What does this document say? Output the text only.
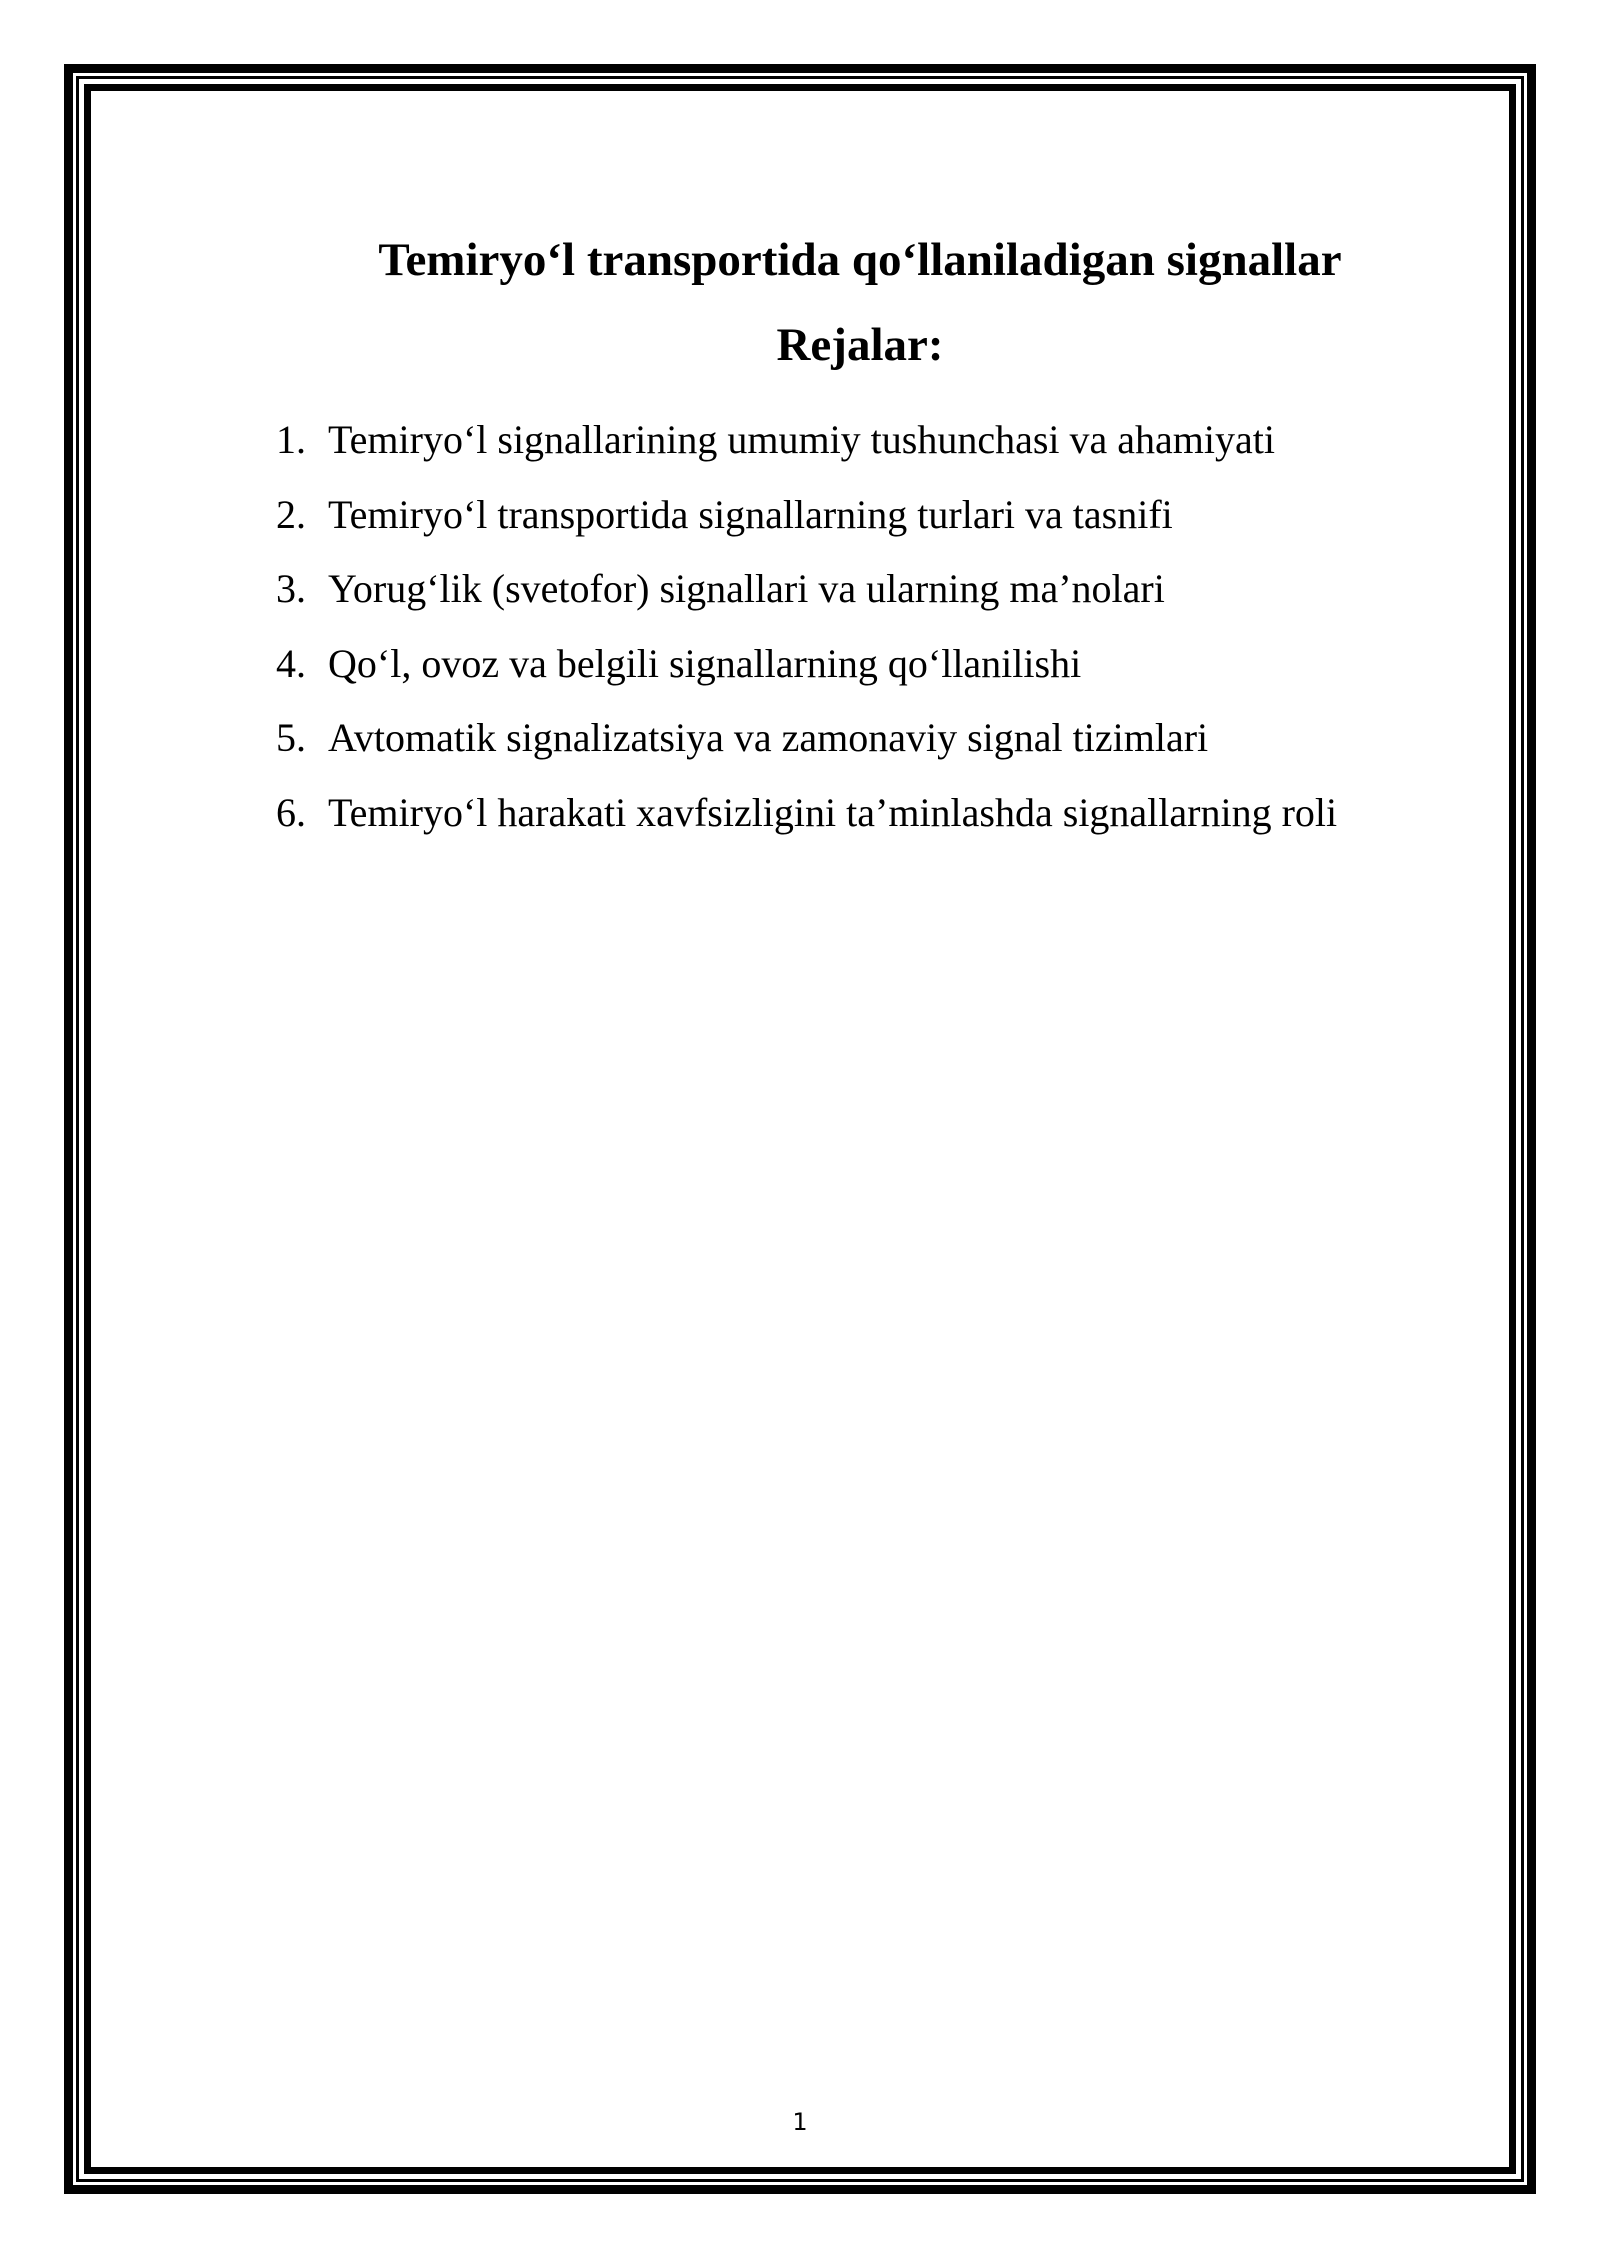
Temiryo‘l transportida qo‘llaniladigan signallar
Rejalar:
1. Temiryo‘l signallarining umumiy tushunchasi va ahamiyati
2. Temiryo‘l transportida signallarning turlari va tasnifi
3. Yorug‘lik (svetofor) signallari va ularning ma’nolari
4. Qo‘l, ovoz va belgili signallarning qo‘llanilishi
5. Avtomatik signalizatsiya va zamonaviy signal tizimlari
6. Temiryo‘l harakati xavfsizligini ta’minlashda signallarning roli
1
